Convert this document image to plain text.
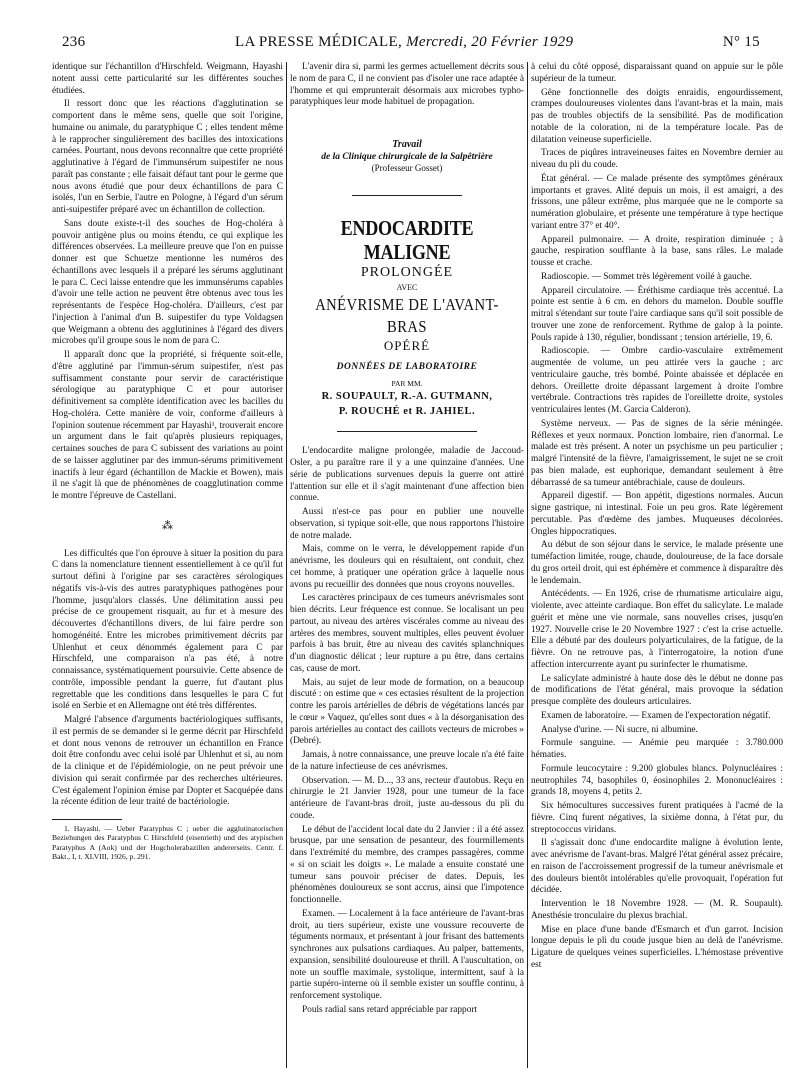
236	LA PRESSE MÉDICALE, Mercredi, 20 Février 1929	N° 15

identique sur l'échantillon d'Hirschfeld. Weigmann, Hayashi notent aussi cette particularité sur les différentes souches étudiées.

Il ressort donc que les réactions d'agglutination se comportent dans le même sens, quelle que soit l'origine, humaine ou animale, du paratyphique C ; elles tendent même à le rapprocher singulièrement des bacilles des intoxications carnées. Pourtant, nous devons reconnaître que cette propriété agglutinative à l'égard de l'immunsérum suipestifer ne nous paraît pas constante ; elle faisait défaut tant pour le germe que nous avons étudié que pour deux échantillons de para C isolés, l'un en Serbie, l'autre en Pologne, à l'égard d'un sérum anti-suipestifer préparé avec un échantillon de collection.

Sans doute existe-t-il des souches de Hog-choléra à pouvoir antigène plus ou moins étendu, ce qui explique les différences observées. La meilleure preuve que l'on en puisse donner est que Schuetze mentionne les numéros des échantillons avec lesquels il a préparé les sérums agglutinant le para C. Ceci laisse entendre que les immunsérums capables d'avoir une telle action ne peuvent être obtenus avec tous les représentants de l'espèce Hog-choléra. D'ailleurs, c'est par l'injection à l'animal d'un B. suipestifer du type Voldagsen que Weigmann a obtenu des agglutinines à l'égard des divers microbes qu'il groupe sous le nom de para C.

Il apparaît donc que la propriété, si fréquente soit-elle, d'être agglutiné par l'immun-sérum suipestifer, n'est pas suffisamment constante pour servir de caractéristique sérologique au paratyphique C et pour autoriser définitivement sa complète identification avec les bacilles du Hog-choléra. Cette manière de voir, conforme d'ailleurs à l'opinion soutenue récemment par Hayashi¹, trouverait encore un argument dans le fait qu'après plusieurs repiquages, certaines souches de para C subissent des variations au point de se laisser agglutiner par des immun-sérums primitivement inactifs à leur égard (échantillon de Mackie et Bowen), mais il ne s'agit là que de phénomènes de coagglutination comme le montre l'épreuve de Castellani.

⁂

Les difficultés que l'on éprouve à situer la position du para C dans la nomenclature tiennent essentiellement à ce qu'il fut surtout défini à l'origine par ses caractères sérologiques négatifs vis-à-vis des autres paratyphiques pathogènes pour l'homme, jusqu'alors classés. Une délimitation aussi peu précise de ce groupement risquait, au fur et à mesure des découvertes d'échantillons divers, de lui faire perdre son homogénéité. Entre les microbes primitivement décrits par Uhlenhut et ceux dénommés également para C par Hirschfeld, une comparaison n'a pas été, à notre connaissance, systématiquement poursuivie. Cette absence de contrôle, impossible pendant la guerre, fut d'autant plus regrettable que les conditions dans lesquelles le para C fut isolé en Serbie et en Allemagne ont été très différentes.

Malgré l'absence d'arguments bactériologiques suffisants, il est permis de se demander si le germe décrit par Hirschfeld et dont nous venons de retrouver un échantillon en France doit être confondu avec celui isolé par Uhlenhut et si, au nom de la clinique et de l'épidémiologie, on ne peut prévoir une division qui serait confirmée par des recherches ultérieures. C'est également l'opinion émise par Dopter et Sacquépée dans la récente édition de leur traité de bactériologie.

1. Hayashi. — Ueber Paratyphus C ; ueber die agglutinatorischen Beziehungen des Paratyphus C Hirschfeld (eisenrieth) und des atypischen Paratyphus A (Aok) und der Hogcholerabazillen andererseits. Centr. f. Bakt., I, t. XLVIII, 1926, p. 291.

L'avenir dira si, parmi les germes actuellement décrits sous le nom de para C, il ne convient pas d'isoler une race adaptée à l'homme et qui emprunterait désormais aux microbes typho-paratyphiques leur mode habituel de propagation.

Travail
de la Clinique chirurgicale de la Salpêtrière
(Professeur Gosset)
ENDOCARDITE MALIGNE
PROLONGÉE
AVEC
ANÉVRISME DE L'AVANT-BRAS
OPÉRÉ
DONNÉES DE LABORATOIRE
PAR MM.
R. SOUPAULT, R.-A. GUTMANN,
P. ROUCHÉ et R. JAHIEL.

L'endocardite maligne prolongée, maladie de Jaccoud-Osler, a pu paraître rare il y a une quinzaine d'années. Une série de publications survenues depuis la guerre ont attiré l'attention sur elle et il s'agit maintenant d'une affection bien connue.

Aussi n'est-ce pas pour en publier une nouvelle observation, si typique soit-elle, que nous rapportons l'histoire de notre malade.

Mais, comme on le verra, le développement rapide d'un anévrisme, les douleurs qui en résultaient, ont conduit, chez cet homme, à pratiquer une opération grâce à laquelle nous avons pu recueillir des données que nous croyons nouvelles.

Les caractères principaux de ces tumeurs anévrismales sont bien décrits. Leur fréquence est connue. Se localisant un peu partout, au niveau des artères viscérales comme au niveau des artères des membres, souvent multiples, elles peuvent évoluer parfois à bas bruit, être au niveau des cavités splanchniques d'un diagnostic délicat ; leur rupture a pu être, dans certains cas, cause de mort.

Mais, au sujet de leur mode de formation, on a beaucoup discuté : on estime que « ces ectasies résultent de la projection contre les parois artérielles de débris de végétations lancés par le cœur » Vaquez, qu'elles sont dues « à la désorganisation des parois artérielles au contact des caillots vecteurs de microbes » (Debré).

Jamais, à notre connaissance, une preuve locale n'a été faite de la nature infectieuse de ces anévrismes.

Observation. — M. D..., 33 ans, recteur d'autobus. Reçu en chirurgie le 21 Janvier 1928, pour une tumeur de la face antérieure de l'avant-bras droit, juste au-dessous du pli du coude.

Le début de l'accident local date du 2 Janvier : il a été assez brusque, par une sensation de pesanteur, des fourmillements dans l'extrémité du membre, des crampes passagères, comme « si on sciait les doigts ». Le malade a ensuite constaté une tumeur sans pouvoir préciser de dates. Depuis, les phénomènes douloureux se sont accrus, ainsi que l'impotence fonctionnelle.

Examen. — Localement à la face antérieure de l'avant-bras droit, au tiers supérieur, existe une voussure recouverte de téguments normaux, et présentant à jour frisant des battements synchrones aux pulsations cardiaques. Au palper, battements, expansion, sensibilité douloureuse et thrill. A l'auscultation, on note un souffle maximale, systolique, intermittent, sauf à la partie supéro-interne où il semble exister un souffle continu, à renforcement systolique.

Pouls radial sans retard appréciable par rapport

à celui du côté opposé, disparaissant quand on appuie sur le pôle supérieur de la tumeur.

Gêne fonctionnelle des doigts enraidis, engourdissement, crampes douloureuses violentes dans l'avant-bras et la main, mais pas de troubles objectifs de la sensibilité. Pas de modification notable de la coloration, ni de la température locale. Pas de dilatation veineuse superficielle.

Traces de piqûres intraveineuses faites en Novembre dernier au niveau du pli du coude.

État général. — Ce malade présente des symptômes généraux importants et graves. Alité depuis un mois, il est amaigri, a des frissons, une pâleur extrême, plus marquée que ne le comporte sa numération globulaire, et présente une température à type hectique variant entre 37° et 40°.

Appareil pulmonaire. — A droite, respiration diminuée ; à gauche, respiration soufflante à la base, sans râles. Le malade tousse et crache.

Radioscopie. — Sommet très légèrement voilé à gauche.

Appareil circulatoire. — Éréthisme cardiaque très accentué. La pointe est sentie à 6 cm. en dehors du mamelon. Double souffle mitral s'étendant sur toute l'aire cardiaque sans qu'il soit possible de trouver une zone de renforcement. Rythme de galop à la pointe. Pouls rapide à 130, régulier, bondissant ; tension artérielle, 19, 6.

Radioscopie. — Ombre cardio-vasculaire extrêmement augmentée de volume, un peu attirée vers la gauche ; arc ventriculaire gauche, très bombé. Pointe abaissée et déplacée en dehors. Oreillette droite dépassant largement à droite l'ombre vertébrale. Contractions très rapides de l'oreillette droite, systoles ventriculaires lentes (M. Garcia Calderon).

Système nerveux. — Pas de signes de la série méningée. Réflexes et yeux normaux. Ponction lombaire, rien d'anormal. Le malade est très présent. A noter un psychisme un peu particulier ; malgré l'intensité de la fièvre, l'amaigrissement, le sujet ne se croit pas bien malade, est euphorique, demandant seulement à être débarrassé de sa tumeur antébrachiale, cause de douleurs.

Appareil digestif. — Bon appétit, digestions normales. Aucun signe gastrique, ni intestinal. Foie un peu gros. Rate légèrement percutable. Pas d'œdème des jambes. Muqueuses décolorées. Ongles hippocratiques.

Au début de son séjour dans le service, le malade présente une tuméfaction limitée, rouge, chaude, douloureuse, de la face dorsale du gros orteil droit, qui est éphémère et commence à disparaître dès le lendemain.

Antécédents. — En 1926, crise de rhumatisme articulaire aigu, violente, avec atteinte cardiaque. Bon effet du salicylate. Le malade guérit et mène une vie normale, sans nouvelles crises, jusqu'en 1927. Nouvelle crise le 20 Novembre 1927 : c'est la crise actuelle. Elle a débuté par des douleurs polyarticulaires, de la fatigue, de la fièvre. On ne retrouve pas, à l'interrogatoire, la notion d'une affection intercurrente ayant pu surinfecter le rhumatisme.

Le salicylate administré à haute dose dès le début ne donne pas de modifications de l'état général, mais provoque la sédation presque complète des douleurs articulaires.

Examen de laboratoire. — Examen de l'expectoration négatif.

Analyse d'urine. — Ni sucre, ni albumine.

Formule sanguine. — Anémie peu marquée : 3.780.000 hématies.

Formule leucocytaire : 9.200 globules blancs. Polynucléaires : neutrophiles 74, basophiles 0, éosinophiles 2. Mononucléaires : grands 18, moyens 4, petits 2.

Six hémocultures successives furent pratiquées à l'acmé de la fièvre. Cinq furent négatives, la sixième donna, à l'état pur, du streptococcus viridans.

Il s'agissait donc d'une endocardite maligne à évolution lente, avec anévrisme de l'avant-bras. Malgré l'état général assez précaire, en raison de l'accroissement progressif de la tumeur anévrismale et des douleurs bientôt intolérables qu'elle provoquait, l'opération fut décidée.

Intervention le 18 Novembre 1928. — (M. R. Soupault). Anesthésie tronculaire du plexus brachial.

Mise en place d'une bande d'Esmarch et d'un garrot. Incision longue depuis le pli du coude jusque bien au delà de l'anévrisme. Ligature de quelques veines superficielles. L'hémostase préventive est
